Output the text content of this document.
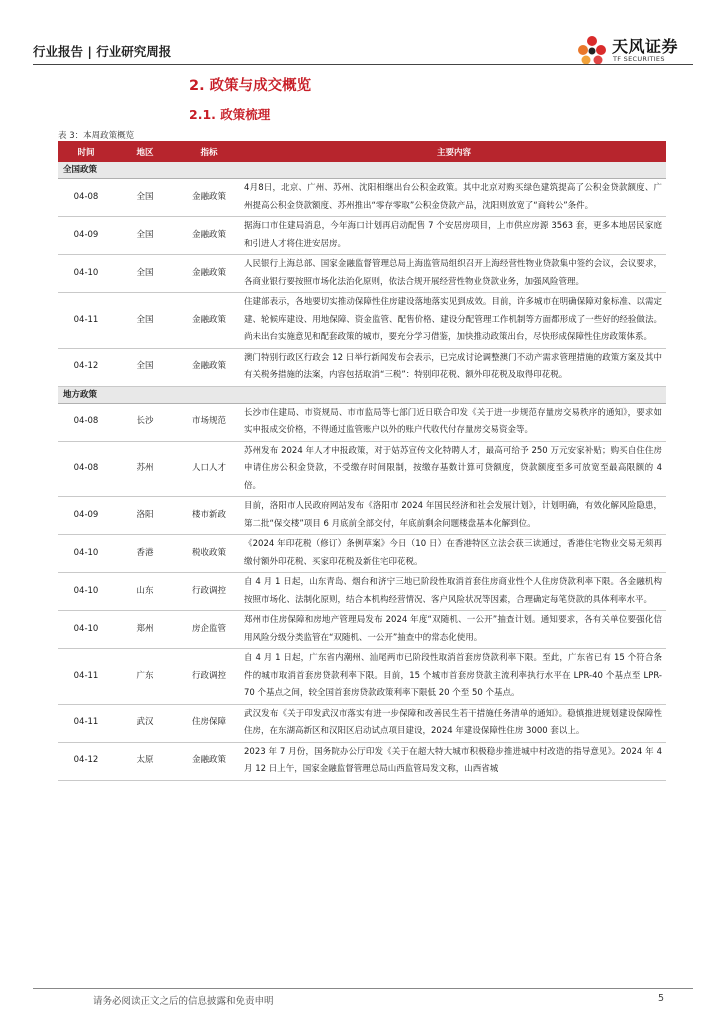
行业报告 | 行业研究周报	天风证券
TF SECURITIES
2. 政策与成交概览
2.1. 政策梳理
表 3：本周政策概览
时间	地区	指标	主要内容
全国政策			
04-08	全国	金融政策	4月8日，北京、广州、苏州、沈阳相继出台公积金政策。其中北京对购买绿色建筑提高了公积金贷款额度、广州提高公积金贷款额度、苏州推出“零存零取”公积金贷款产品，沈阳则放宽了“商转公”条件。
04-09	全国	金融政策	据海口市住建局消息，今年海口计划再启动配售 7 个安居房项目，上市供应房源 3563 套，更多本地居民家庭和引进人才将住进安居房。
04-10	全国	金融政策	人民银行上海总部、国家金融监督管理总局上海监管局组织召开上海经营性物业贷款集中签约会议，会议要求，各商业银行要按照市场化法治化原则，依法合规开展经营性物业贷款业务，加强风险管理。
04-11	全国	金融政策	住建部表示，各地要切实推动保障性住房建设落地落实见到成效。目前，许多城市在明确保障对象标准、以需定建、轮候库建设、用地保障、资金监管、配售价格、建设分配管理工作机制等方面都形成了一些好的经验做法。尚未出台实施意见和配套政策的城市，要充分学习借鉴，加快推动政策出台，尽快形成保障性住房政策体系。
04-12	全国	金融政策	澳门特别行政区行政会 12 日举行新闻发布会表示，已完成讨论调整澳门不动产需求管理措施的政策方案及其中有关税务措施的法案，内容包括取消“三税”：特别印花税、额外印花税及取得印花税。
地方政策			
04-08	长沙	市场规范	长沙市住建局、市资规局、市市监局等七部门近日联合印发《关于进一步规范存量房交易秩序的通知》，要求如实申报成交价格，不得通过监管账户以外的账户代收代付存量房交易资金等。
04-08	苏州	人口人才	苏州发布 2024 年人才申报政策，对于姑苏宣传文化特聘人才，最高可给予 250 万元安家补贴；购买自住住房申请住房公积金贷款，不受缴存时间限制，按缴存基数计算可贷额度，贷款额度至多可放宽至最高限额的 4 倍。
04-09	洛阳	楼市新政	目前，洛阳市人民政府网站发布《洛阳市 2024 年国民经济和社会发展计划》，计划明确，有效化解风险隐患，第二批“保交楼”项目 6 月底前全部交付，年底前剩余问题楼盘基本化解到位。
04-10	香港	税收政策	《2024 年印花税（修订）条例草案》今日（10 日）在香港特区立法会获三读通过，香港住宅物业交易无须再缴付额外印花税、买家印花税及新住宅印花税。
04-10	山东	行政调控	自 4 月 1 日起，山东青岛、烟台和济宁三地已阶段性取消首套住房商业性个人住房贷款利率下限。各金融机构按照市场化、法制化原则，结合本机构经营情况、客户风险状况等因素，合理确定每笔贷款的具体利率水平。
04-10	郑州	房企监管	郑州市住房保障和房地产管理局发布 2024 年度“双随机、一公开”抽查计划。通知要求，各有关单位要强化信用风险分级分类监管在“双随机、一公开”抽查中的常态化使用。
04-11	广东	行政调控	自 4 月 1 日起，广东省内潮州、汕尾两市已阶段性取消首套房贷款利率下限。至此，广东省已有 15 个符合条件的城市取消首套房贷款利率下限。目前，15 个城市首套房贷款主流利率执行水平在 LPR-40 个基点至 LPR-70 个基点之间，较全国首套房贷款政策利率下限低 20 个至 50 个基点。
04-11	武汉	住房保障	武汉发布《关于印发武汉市落实有进一步保障和改善民生若干措施任务清单的通知》。稳慎推进规划建设保障性住房，在东湖高新区和汉阳区启动试点项目建设，2024 年建设保障性住房 3000 套以上。
04-12	太原	金融政策	2023 年 7 月份，国务院办公厅印发《关于在超大特大城市积极稳步推进城中村改造的指导意见》。2024 年 4 月 12 日上午，国家金融监督管理总局山西监管局发文称，山西省城
请务必阅读正文之后的信息披露和免责申明	5
